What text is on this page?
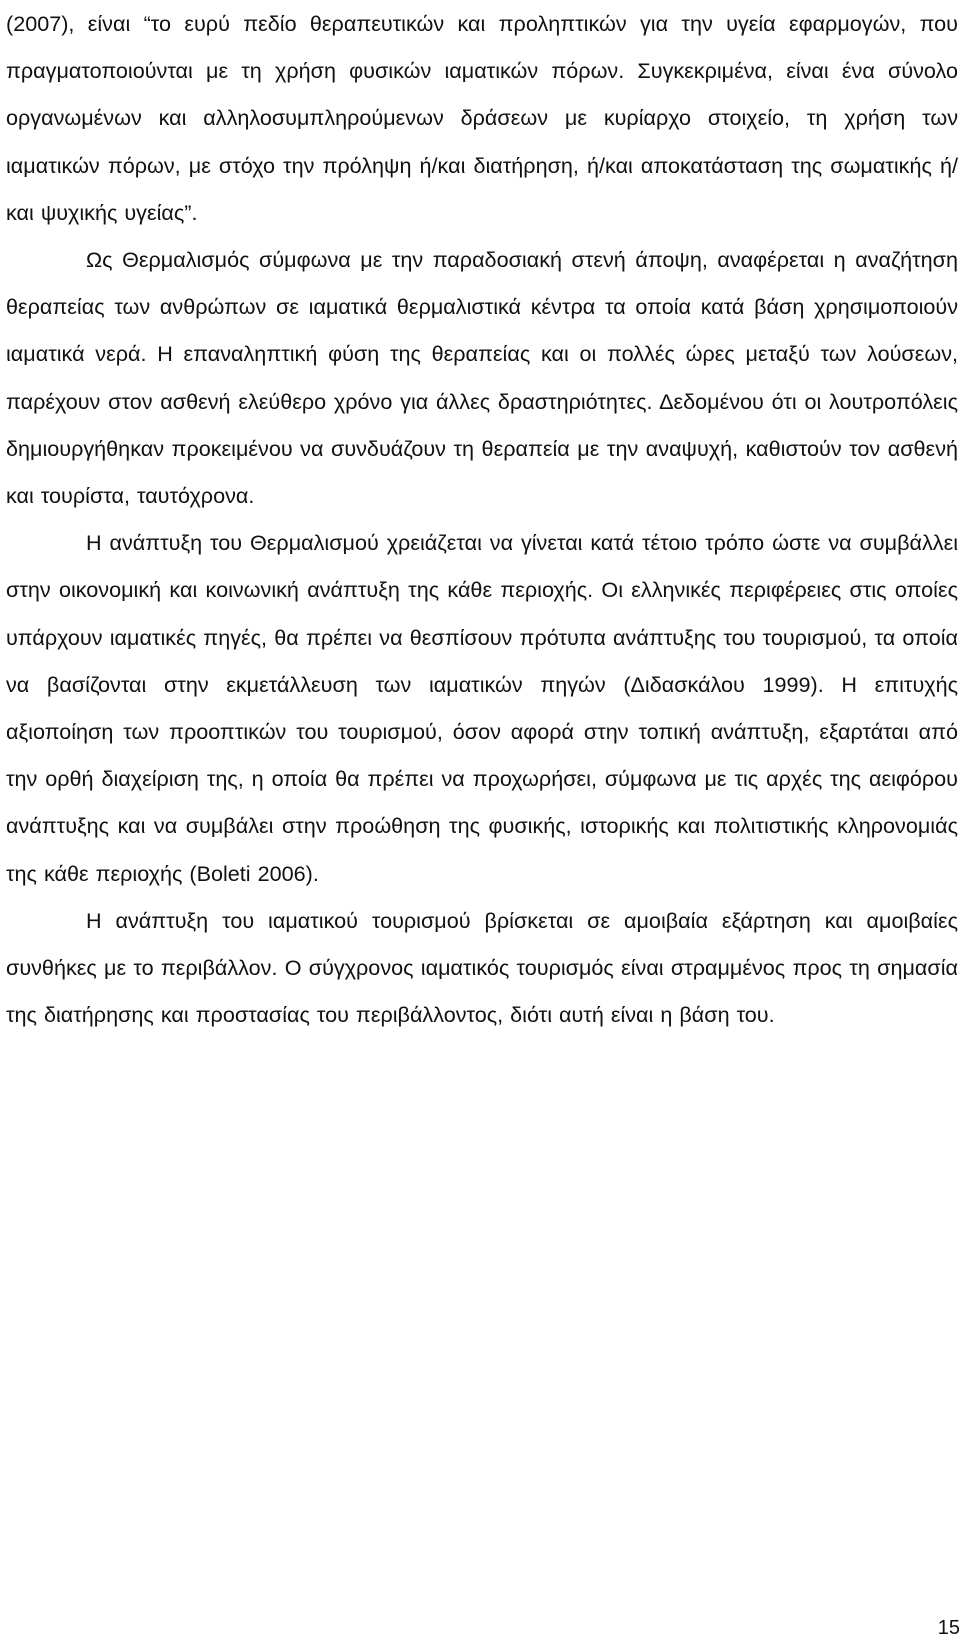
(2007), είναι “το ευρύ πεδίο θεραπευτικών και προληπτικών για την υγεία εφαρμογών, που πραγματοποιούνται με τη χρήση φυσικών ιαματικών πόρων. Συγκεκριμένα, είναι ένα σύνολο οργανωμένων και αλληλοσυμπληρούμενων δράσεων με κυρίαρχο στοιχείο, τη χρήση των ιαματικών πόρων, με στόχο την πρόληψη ή/και διατήρηση, ή/και αποκατάσταση της σωματικής ή/και ψυχικής υγείας”.

Ως Θερμαλισμός σύμφωνα με την παραδοσιακή στενή άποψη, αναφέρεται η αναζήτηση θεραπείας των ανθρώπων σε ιαματικά θερμαλιστικά κέντρα τα οποία κατά βάση χρησιμοποιούν ιαματικά νερά. Η επαναληπτική φύση της θεραπείας και οι πολλές ώρες μεταξύ των λούσεων, παρέχουν στον ασθενή ελεύθερο χρόνο για άλλες δραστηριότητες. Δεδομένου ότι οι λουτροπόλεις δημιουργήθηκαν προκειμένου να συνδυάζουν τη θεραπεία με την αναψυχή, καθιστούν τον ασθενή και τουρίστα, ταυτόχρονα.

Η ανάπτυξη του Θερμαλισμού χρειάζεται να γίνεται κατά τέτοιο τρόπο ώστε να συμβάλλει στην οικονομική και κοινωνική ανάπτυξη της κάθε περιοχής. Οι ελληνικές περιφέρειες στις οποίες υπάρχουν ιαματικές πηγές, θα πρέπει να θεσπίσουν πρότυπα ανάπτυξης του τουρισμού, τα οποία να βασίζονται στην εκμετάλλευση των ιαματικών πηγών (Διδασκάλου 1999). Η επιτυχής αξιοποίηση των προοπτικών του τουρισμού, όσον αφορά στην τοπική ανάπτυξη, εξαρτάται από την ορθή διαχείριση της, η οποία θα πρέπει να προχωρήσει, σύμφωνα με τις αρχές της αειφόρου ανάπτυξης και να συμβάλει στην προώθηση της φυσικής, ιστορικής και πολιτιστικής κληρονομιάς της κάθε περιοχής (Boleti 2006).

Η ανάπτυξη του ιαματικού τουρισμού βρίσκεται σε αμοιβαία εξάρτηση και αμοιβαίες συνθήκες με το περιβάλλον. Ο σύγχρονος ιαματικός τουρισμός είναι στραμμένος προς τη σημασία της διατήρησης και προστασίας του περιβάλλοντος, διότι αυτή είναι η βάση του.

15
